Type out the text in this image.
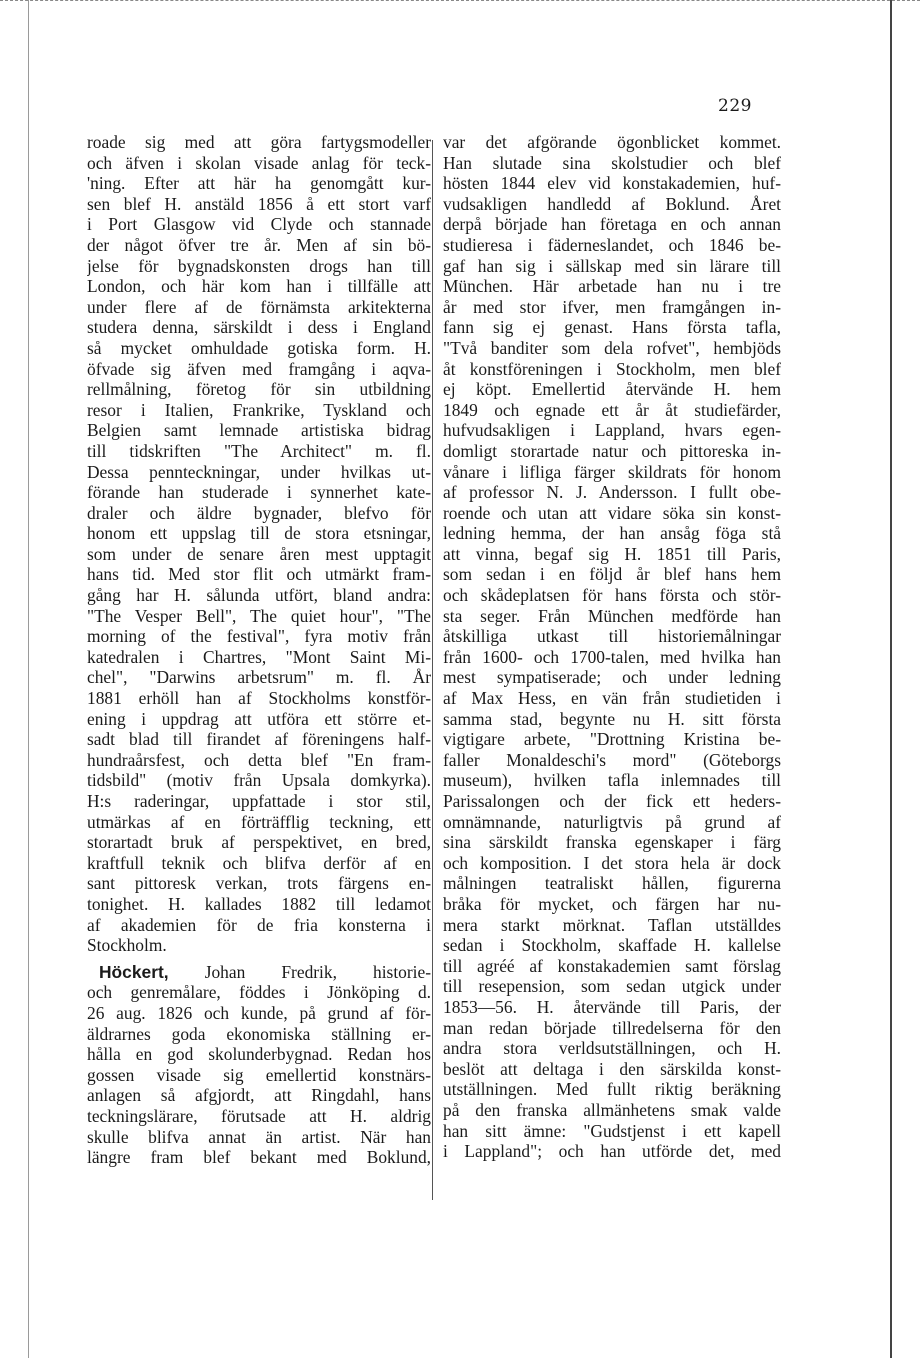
229
roade sig med att göra fartygsmodeller
och äfven i skolan visade anlag för teck-
'ning. Efter att här ha genomgått kur-
sen blef H. anstäld 1856 å ett stort varf
i Port Glasgow vid Clyde och stannade
der något öfver tre år. Men af sin bö-
jelse för bygnadskonsten drogs han till
London, och här kom han i tillfälle att
under flere af de förnämsta arkitekterna
studera denna, särskildt i dess i England
så mycket omhuldade gotiska form. H.
öfvade sig äfven med framgång i aqva-
rellmålning, företog för sin utbildning
resor i Italien, Frankrike, Tyskland och
Belgien samt lemnade artistiska bidrag
till tidskriften "The Architect" m. fl.
Dessa pennteckningar, under hvilkas ut-
förande han studerade i synnerhet kate-
draler och äldre bygnader, blefvo för
honom ett uppslag till de stora etsningar,
som under de senare åren mest upptagit
hans tid. Med stor flit och utmärkt fram-
gång har H. sålunda utfört, bland andra:
"The Vesper Bell", The quiet hour", "The
morning of the festival", fyra motiv från
katedralen i Chartres, "Mont Saint Mi-
chel", "Darwins arbetsrum" m. fl. År
1881 erhöll han af Stockholms konstför-
ening i uppdrag att utföra ett större et-
sadt blad till firandet af föreningens half-
hundraårsfest, och detta blef "En fram-
tidsbild" (motiv från Upsala domkyrka).
H:s raderingar, uppfattade i stor stil,
utmärkas af en förträfflig teckning, ett
storartadt bruk af perspektivet, en bred,
kraftfull teknik och blifva derför af en
sant pittoresk verkan, trots färgens en-
tonighet. H. kallades 1882 till ledamot
af akademien för de fria konsterna i
Stockholm.
Höckert, Johan Fredrik, historie-
och genremålare, föddes i Jönköping d.
26 aug. 1826 och kunde, på grund af för-
äldrarnes goda ekonomiska ställning er-
hålla en god skolunderbygnad. Redan hos
gossen visade sig emellertid konstnärs-
anlagen så afgjordt, att Ringdahl, hans
teckningslärare, förutsade att H. aldrig
skulle blifva annat än artist. När han
längre fram blef bekant med Boklund,
var det afgörande ögonblicket kommet.
Han slutade sina skolstudier och blef
hösten 1844 elev vid konstakademien, huf-
vudsakligen handledd af Boklund. Året
derpå började han företaga en och annan
studieresa i fäderneslandet, och 1846 be-
gaf han sig i sällskap med sin lärare till
München. Här arbetade han nu i tre
år med stor ifver, men framgången in-
fann sig ej genast. Hans första tafla,
"Två banditer som dela rofvet", hembjöds
åt konstföreningen i Stockholm, men blef
ej köpt. Emellertid återvände H. hem
1849 och egnade ett år åt studiefärder,
hufvudsakligen i Lappland, hvars egen-
domligt storartade natur och pittoreska in-
vånare i lifliga färger skildrats för honom
af professor N. J. Andersson. I fullt obe-
roende och utan att vidare söka sin konst-
ledning hemma, der han ansåg föga stå
att vinna, begaf sig H. 1851 till Paris,
som sedan i en följd år blef hans hem
och skådeplatsen för hans första och stör-
sta seger. Från München medförde han
åtskilliga utkast till historiemålningar
från 1600- och 1700-talen, med hvilka han
mest sympatiserade; och under ledning
af Max Hess, en vän från studietiden i
samma stad, begynte nu H. sitt första
vigtigare arbete, "Drottning Kristina be-
faller Monaldeschi's mord" (Göteborgs
museum), hvilken tafla inlemnades till
Parissalongen och der fick ett heders-
omnämnande, naturligtvis på grund af
sina särskildt franska egenskaper i färg
och komposition. I det stora hela är dock
målningen teatraliskt hållen, figurerna
bråka för mycket, och färgen har nu-
mera starkt mörknat. Taflan utställdes
sedan i Stockholm, skaffade H. kallelse
till agréé af konstakademien samt förslag
till resepension, som sedan utgick under
1853—56. H. återvände till Paris, der
man redan började tillredelserna för den
andra stora verldsutställningen, och H.
beslöt att deltaga i den särskilda konst-
utställningen. Med fullt riktig beräkning
på den franska allmänhetens smak valde
han sitt ämne: "Gudstjenst i ett kapell
i Lappland"; och han utförde det, med
